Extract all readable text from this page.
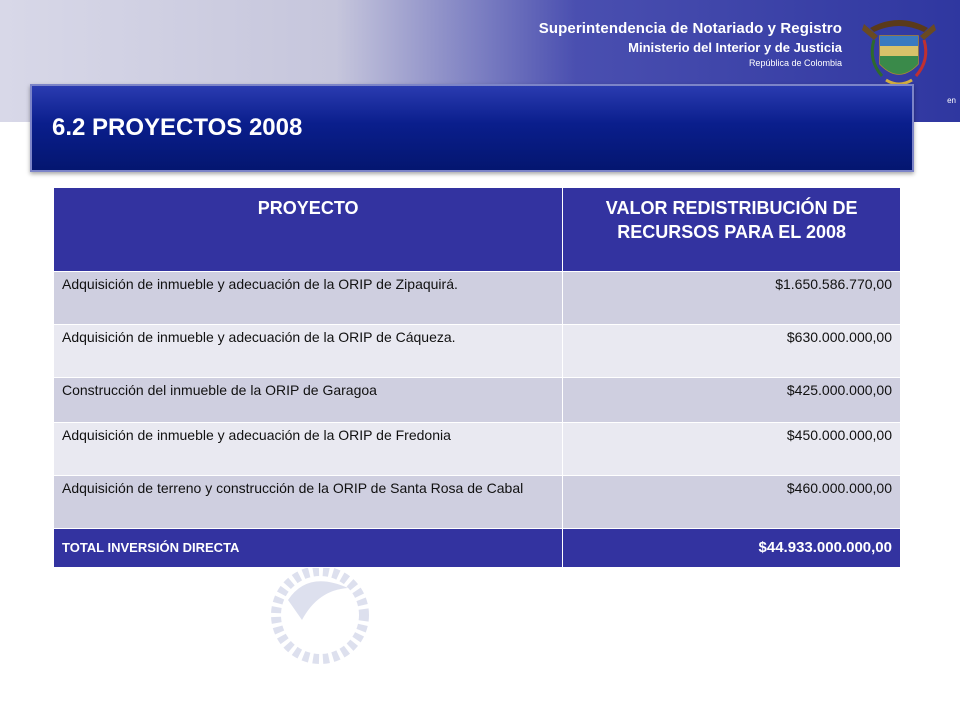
Superintendencia de Notariado y Registro
Ministerio del Interior y de Justicia
República de Colombia
en
6.2 PROYECTOS 2008
PROYECTO	VALOR REDISTRIBUCIÓN DE RECURSOS PARA EL 2008
Adquisición de inmueble y adecuación de la ORIP de Zipaquirá.	$1.650.586.770,00
Adquisición de inmueble y adecuación de la ORIP de Cáqueza.	$630.000.000,00
Construcción del inmueble de la ORIP de Garagoa	$425.000.000,00
Adquisición de inmueble y adecuación de la ORIP de Fredonia	$450.000.000,00
Adquisición de terreno y construcción de la ORIP de Santa Rosa de Cabal	$460.000.000,00
TOTAL INVERSIÓN DIRECTA	$44.933.000.000,00
